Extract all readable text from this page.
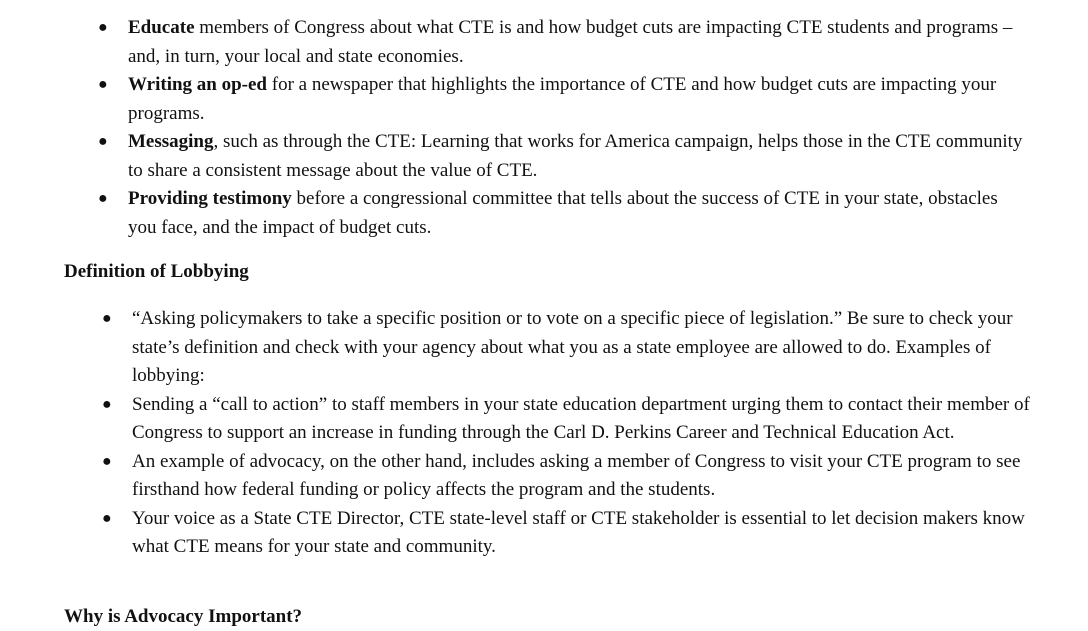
● Educate members of Congress about what CTE is and how budget cuts are impacting CTE students and programs – and, in turn, your local and state economies.
● Writing an op-ed for a newspaper that highlights the importance of CTE and how budget cuts are impacting your programs.
● Messaging, such as through the CTE: Learning that works for America campaign, helps those in the CTE community to share a consistent message about the value of CTE.
● Providing testimony before a congressional committee that tells about the success of CTE in your state, obstacles you face, and the impact of budget cuts.
Definition of Lobbying
● “Asking policymakers to take a specific position or to vote on a specific piece of legislation.” Be sure to check your state’s definition and check with your agency about what you as a state employee are allowed to do. Examples of lobbying:
● Sending a “call to action” to staff members in your state education department urging them to contact their member of Congress to support an increase in funding through the Carl D. Perkins Career and Technical Education Act.
● An example of advocacy, on the other hand, includes asking a member of Congress to visit your CTE program to see firsthand how federal funding or policy affects the program and the students.
● Your voice as a State CTE Director, CTE state-level staff or CTE stakeholder is essential to let decision makers know what CTE means for your state and community.
Why is Advocacy Important?
